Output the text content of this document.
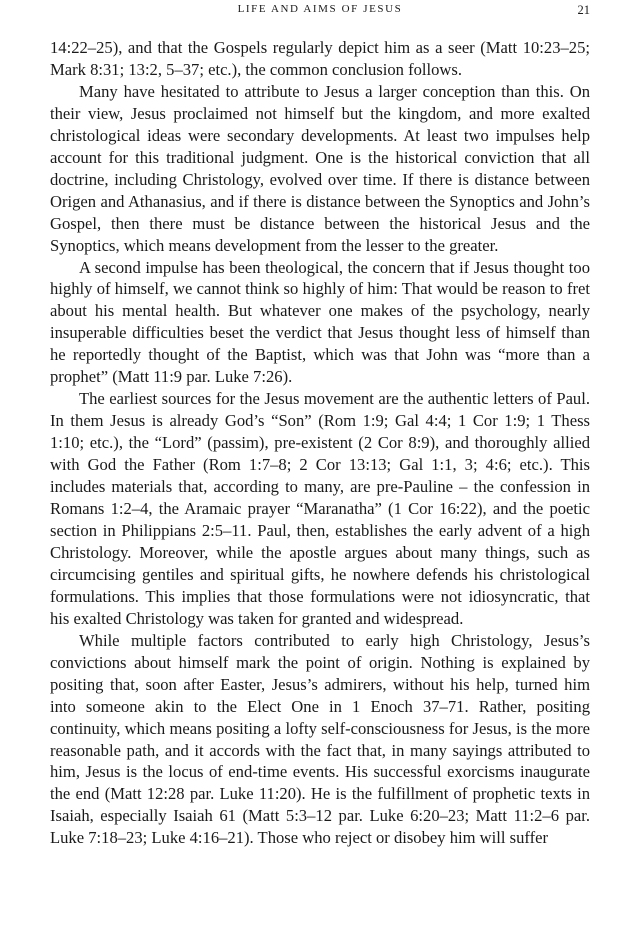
LIFE AND AIMS OF JESUS	21

14:22–25), and that the Gospels regularly depict him as a seer (Matt 10:23–25; Mark 8:31; 13:2, 5–37; etc.), the common conclusion follows.

Many have hesitated to attribute to Jesus a larger conception than this. On their view, Jesus proclaimed not himself but the kingdom, and more exalted christological ideas were secondary developments. At least two impulses help account for this traditional judgment. One is the historical conviction that all doctrine, including Christology, evolved over time. If there is distance between Origen and Athanasius, and if there is distance between the Synoptics and John’s Gospel, then there must be distance between the historical Jesus and the Synoptics, which means development from the lesser to the greater.

A second impulse has been theological, the concern that if Jesus thought too highly of himself, we cannot think so highly of him: That would be reason to fret about his mental health. But whatever one makes of the psychology, nearly insuperable difficulties beset the verdict that Jesus thought less of himself than he reportedly thought of the Baptist, which was that John was “more than a prophet” (Matt 11:9 par. Luke 7:26).

The earliest sources for the Jesus movement are the authentic letters of Paul. In them Jesus is already God’s “Son” (Rom 1:9; Gal 4:4; 1 Cor 1:9; 1 Thess 1:10; etc.), the “Lord” (passim), pre-existent (2 Cor 8:9), and thoroughly allied with God the Father (Rom 1:7–8; 2 Cor 13:13; Gal 1:1, 3; 4:6; etc.). This includes materials that, according to many, are pre-Pauline – the confession in Romans 1:2–4, the Aramaic prayer “Maranatha” (1 Cor 16:22), and the poetic section in Philippians 2:5–11. Paul, then, establishes the early advent of a high Christology. Moreover, while the apostle argues about many things, such as circumcising gentiles and spiritual gifts, he nowhere defends his christological formulations. This implies that those formulations were not idiosyncratic, that his exalted Christology was taken for granted and widespread.

While multiple factors contributed to early high Christology, Jesus’s convictions about himself mark the point of origin. Nothing is explained by positing that, soon after Easter, Jesus’s admirers, without his help, turned him into someone akin to the Elect One in 1 Enoch 37–71. Rather, positing continuity, which means positing a lofty self-consciousness for Jesus, is the more reasonable path, and it accords with the fact that, in many sayings attributed to him, Jesus is the locus of end-time events. His successful exorcisms inaugurate the end (Matt 12:28 par. Luke 11:20). He is the fulfillment of prophetic texts in Isaiah, especially Isaiah 61 (Matt 5:3–12 par. Luke 6:20–23; Matt 11:2–6 par. Luke 7:18–23; Luke 4:16–21). Those who reject or disobey him will suffer
